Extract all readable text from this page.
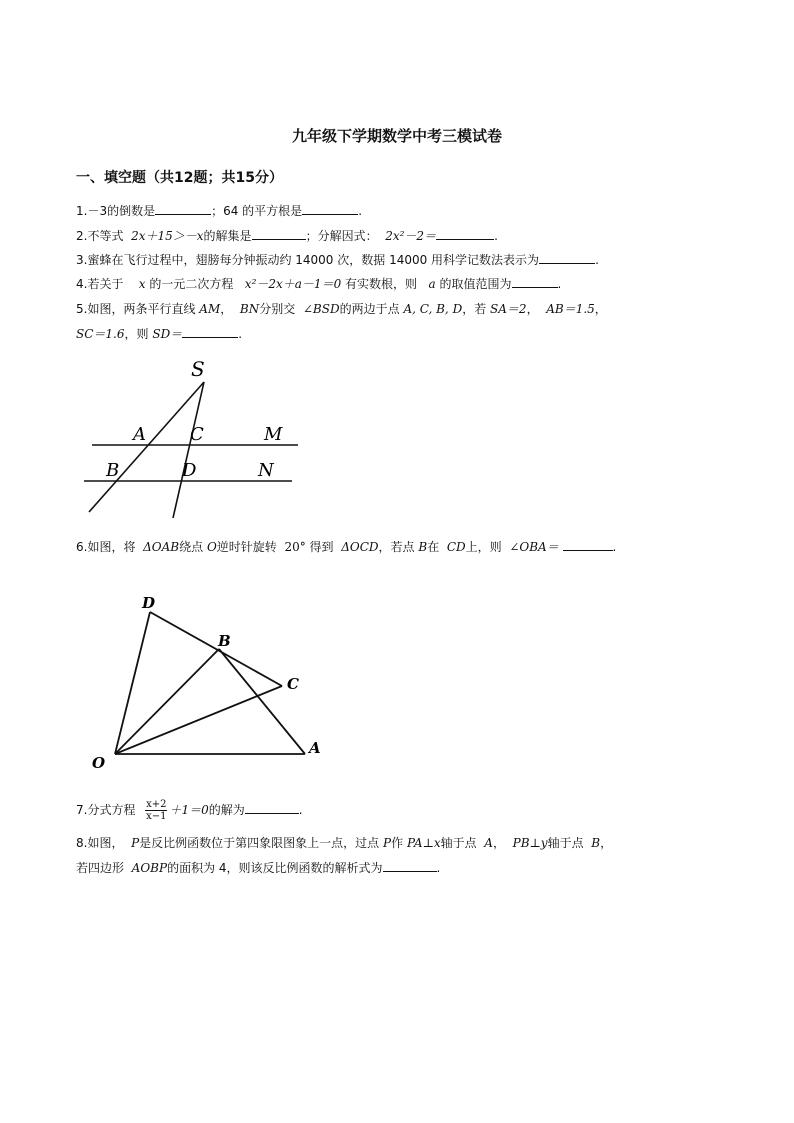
九年级下学期数学中考三模试卷
一、填空题（共12题；共15分）
1.－3的倒数是	；64 的平方根是	.
2.不等式 2x＋15＞－x的解集是	；分解因式： 2x²－2＝	.
3.蜜蜂在飞行过程中，翅膀每分钟振动约 14000 次，数据 14000 用科学记数法表示为	.
4.若关于 x 的一元二次方程 x²－2x＋a－1＝0 有实数根，则 a 的取值范围为	.
5.如图，两条平行直线 AM， BN分别交 ∠BSD的两边于点 A, C, B, D，若 SA＝2， AB＝1.5，
SC＝1.6，则 SD＝	.
S
A C	M
B	D	N
6.如图，将 ΔOAB绕点 O逆时针旋转 20° 得到 ΔOCD，若点 B在 CD上，则 ∠OBA＝	.
D
B
C
O
A
7.分式方程 $\frac{x+2}{x-1} +1=0$的解为	.
8.如图， P是反比例函数位于第四象限图象上一点，过点 P作 PA⊥x轴于点 A， PB⊥y轴于点 B，
若四边形 AOBP的面积为 4，则该反比例函数的解析式为	.
